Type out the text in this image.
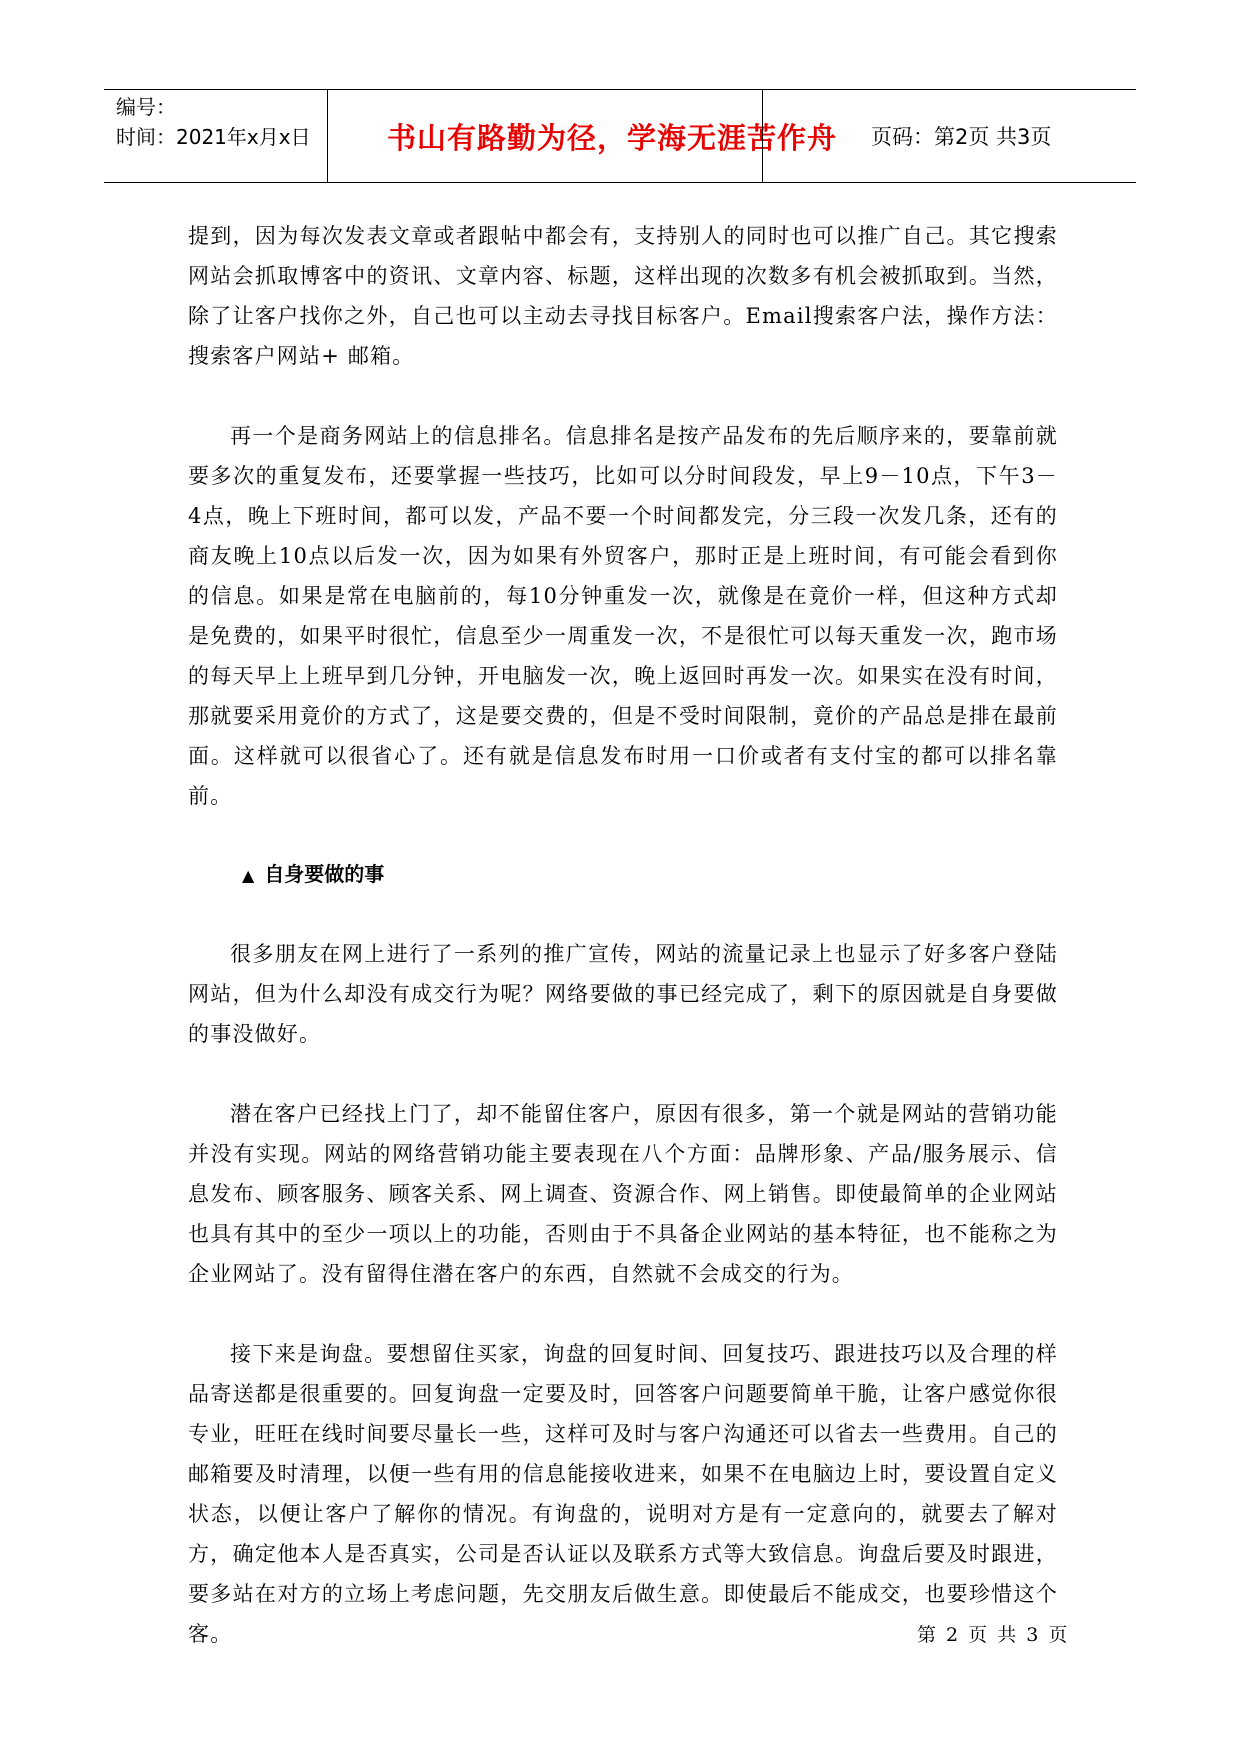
编号：
时间：2021年x月x日	书山有路勤为径，学海无涯苦作舟	页码：第2页 共3页

提到，因为每次发表文章或者跟帖中都会有，支持别人的同时也可以推广自己。其它搜索网站会抓取博客中的资讯、文章内容、标题，这样出现的次数多有机会被抓取到。当然，除了让客户找你之外，自己也可以主动去寻找目标客户。Email搜索客户法，操作方法：搜索客户网站+ 邮箱。

再一个是商务网站上的信息排名。信息排名是按产品发布的先后顺序来的，要靠前就要多次的重复发布，还要掌握一些技巧，比如可以分时间段发，早上9－10点，下午3－4点，晚上下班时间，都可以发，产品不要一个时间都发完，分三段一次发几条，还有的商友晚上10点以后发一次，因为如果有外贸客户，那时正是上班时间，有可能会看到你的信息。如果是常在电脑前的，每10分钟重发一次，就像是在竟价一样，但这种方式却是免费的，如果平时很忙，信息至少一周重发一次，不是很忙可以每天重发一次，跑市场的每天早上上班早到几分钟，开电脑发一次，晚上返回时再发一次。如果实在没有时间，那就要采用竟价的方式了，这是要交费的，但是不受时间限制，竟价的产品总是排在最前面。这样就可以很省心了。还有就是信息发布时用一口价或者有支付宝的都可以排名靠前。

▲ 自身要做的事

很多朋友在网上进行了一系列的推广宣传，网站的流量记录上也显示了好多客户登陆网站，但为什么却没有成交行为呢？网络要做的事已经完成了，剩下的原因就是自身要做的事没做好。

潜在客户已经找上门了，却不能留住客户，原因有很多，第一个就是网站的营销功能并没有实现。网站的网络营销功能主要表现在八个方面：品牌形象、产品/服务展示、信息发布、顾客服务、顾客关系、网上调查、资源合作、网上销售。即使最简单的企业网站也具有其中的至少一项以上的功能，否则由于不具备企业网站的基本特征，也不能称之为企业网站了。没有留得住潜在客户的东西，自然就不会成交的行为。

接下来是询盘。要想留住买家，询盘的回复时间、回复技巧、跟进技巧以及合理的样品寄送都是很重要的。回复询盘一定要及时，回答客户问题要简单干脆，让客户感觉你很专业，旺旺在线时间要尽量长一些，这样可及时与客户沟通还可以省去一些费用。自己的邮箱要及时清理，以便一些有用的信息能接收进来，如果不在电脑边上时，要设置自定义状态，以便让客户了解你的情况。有询盘的，说明对方是有一定意向的，就要去了解对方，确定他本人是否真实，公司是否认证以及联系方式等大致信息。询盘后要及时跟进，要多站在对方的立场上考虑问题，先交朋友后做生意。即使最后不能成交，也要珍惜这个客。	第 2 页 共 3 页
